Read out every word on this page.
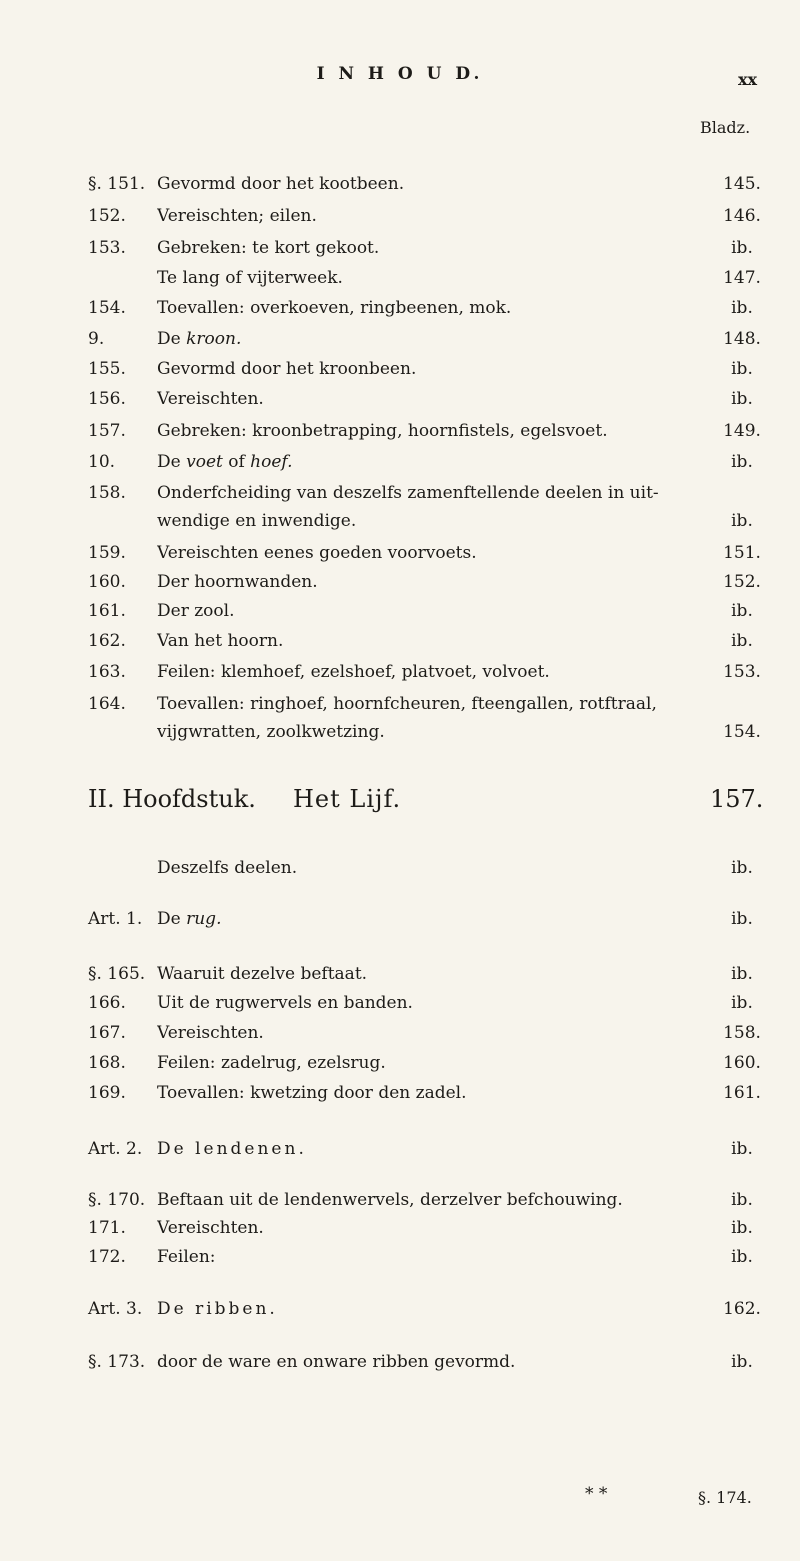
I N H O U D.	xx
Bladz.
§. 151. Gevormd door het kootbeen.	145.
152.	Vereischten; eilen.	146.
153.	Gebreken: te kort gekoot.	ib.
Te lang of vijterweek.	147.
154.	Toevallen: overkoeven, ringbeenen, mok.	ib.
9.	De kroon.	148.
155.	Gevormd door het kroonbeen.	ib.
156.	Vereischten.	ib.
157.	Gebreken: kroonbetrapping, hoornfistels, egelsvoet.	149.
10.	De voet of hoef.	ib.
158.	Onderfcheiding van deszelfs zamenftellende deelen in uit-
wendige en inwendige.	ib.
159.	Vereischten eenes goeden voorvoets.	151.
160.	Der hoornwanden.	152.
161.	Der zool.	ib.
162.	Van het hoorn.	ib.
163.	Feilen: klemhoef, ezelshoef, platvoet, volvoet.	153.
164.	Toevallen: ringhoef, hoornfcheuren, fteengallen, rotftraal,
vijgwratten, zoolkwetzing.	154.
II. Hoofdstuk. Het Lijf.	157.
Deszelfs deelen.	ib.
Art. 1. De rug.	ib.
§. 165. Waaruit dezelve beftaat.	ib.
166.	Uit de rugwervels en banden.	ib.
167.	Vereischten.	158.
168.	Feilen: zadelrug, ezelsrug.	160.
169.	Toevallen: kwetzing door den zadel.	161.
Art. 2. De lendenen.	ib.
§. 170. Beftaan uit de lendenwervels, derzelver befchouwing.	ib.
171.	Vereischten.	ib.
172.	Feilen:	ib.
Art. 3. De ribben.	162.
§. 173. door de ware en onware ribben gevormd.	ib.
* *	§. 174.
